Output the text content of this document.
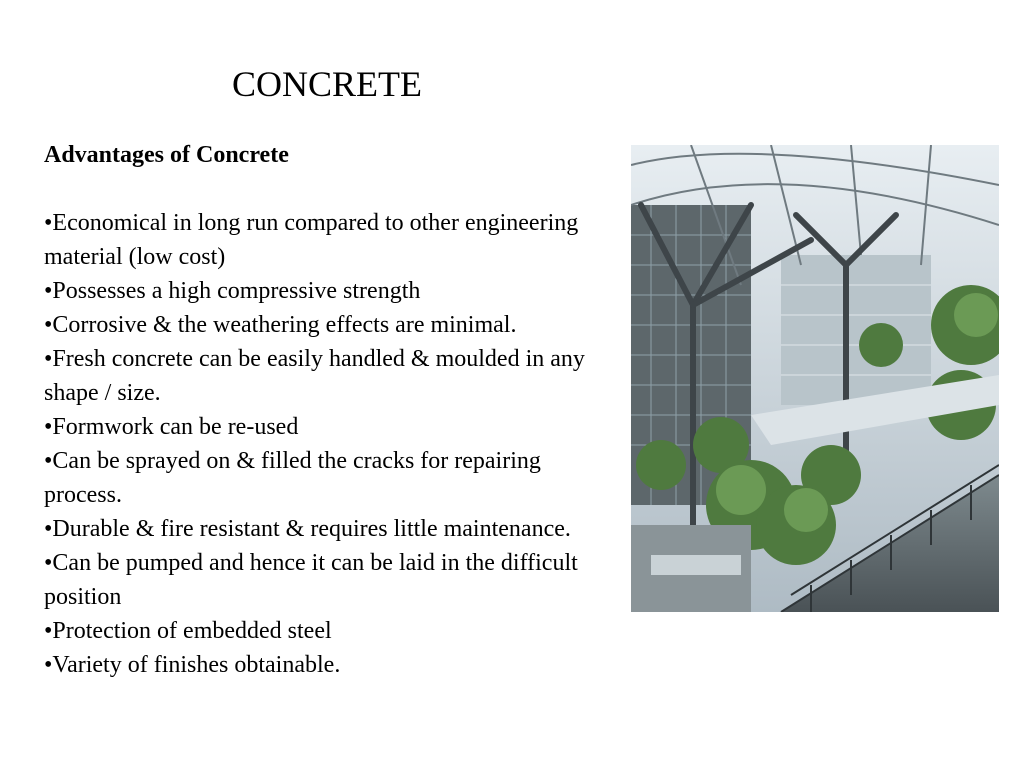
CONCRETE

Advantages of Concrete

•Economical in long run compared to other engineering material (low cost)
•Possesses a high compressive strength
•Corrosive & the weathering effects are minimal.
•Fresh concrete can be easily handled & moulded in any shape / size.
•Formwork can be re-used
•Can be sprayed on & filled the cracks for repairing process.
•Durable & fire resistant & requires little maintenance.
•Can be pumped and hence it can be laid in the difficult position
•Protection of embedded steel
•Variety of finishes obtainable.
